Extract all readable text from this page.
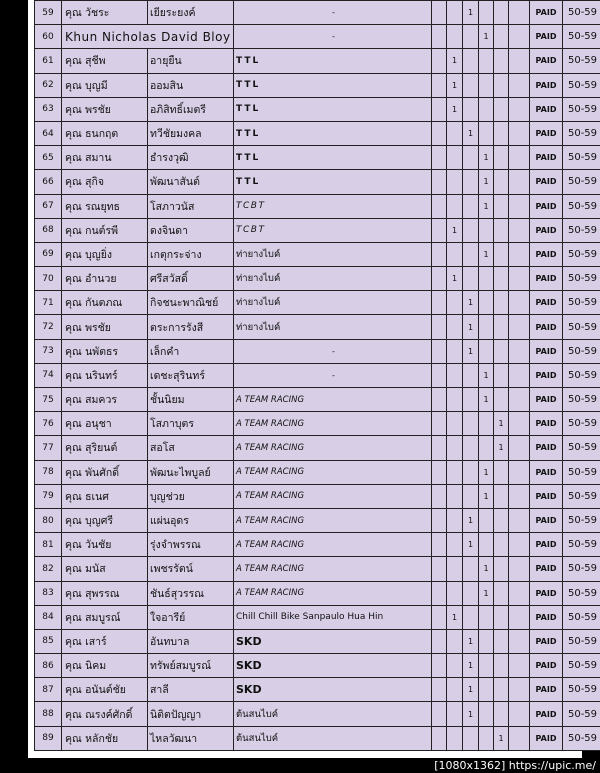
59	คุณ วัชระ	เยียระยงค์	-			1				PAID	50-59
60	Khun Nicholas David Bloy		-				1			PAID	50-59
61	คุณ สุชีพ	อายุยืน	TTL		1					PAID	50-59
62	คุณ บุญมี	ออมสิน	TTL		1					PAID	50-59
63	คุณ พรชัย	อภิสิทธิ์เมตรี	TTL		1					PAID	50-59
64	คุณ ธนกฤต	ทวีชัยมงคล	TTL			1				PAID	50-59
65	คุณ สมาน	ธำรงวุฒิ	TTL				1			PAID	50-59
66	คุณ สุกิจ	พัฒนาสันต์	TTL				1			PAID	50-59
67	คุณ รณยุทธ	โสภาวนัส	TCBT				1			PAID	50-59
68	คุณ กนต์รพี	ดงจินดา	TCBT		1					PAID	50-59
69	คุณ บุญยิ่ง	เกตุกระจ่าง	ท่ายางไบค์				1			PAID	50-59
70	คุณ อำนวย	ศรีสวัสดิ์	ท่ายางไบค์		1					PAID	50-59
71	คุณ กันตภณ	กิจชนะพาณิชย์	ท่ายางไบค์			1				PAID	50-59
72	คุณ พรชัย	ตระการรังสี	ท่ายางไบค์			1				PAID	50-59
73	คุณ นพัตธร	เล็กคำ	-			1				PAID	50-59
74	คุณ นรินทร์	เดชะสุรินทร์	-				1			PAID	50-59
75	คุณ สมควร	ชั้นนิยม	A TEAM RACING				1			PAID	50-59
76	คุณ อนุชา	โสภาบุตร	A TEAM RACING					1		PAID	50-59
77	คุณ สุริยนต์	สอโส	A TEAM RACING					1		PAID	50-59
78	คุณ พันศักดิ์	พัฒนะไพบูลย์	A TEAM RACING				1			PAID	50-59
79	คุณ ธเนศ	บุญช่วย	A TEAM RACING				1			PAID	50-59
80	คุณ บุญศรี	แผ่นอุดร	A TEAM RACING			1				PAID	50-59
81	คุณ วันชัย	รุ่งจำพรรณ	A TEAM RACING			1				PAID	50-59
82	คุณ มนัส	เพชรรัตน์	A TEAM RACING				1			PAID	50-59
83	คุณ สุพรรณ	ชันธ์สุวรรณ	A TEAM RACING				1			PAID	50-59
84	คุณ สมบูรณ์	ใจอารีย์	Chill Chill Bike Sanpaulo Hua Hin		1					PAID	50-59
85	คุณ เสาร์	อันทบาล	SKD			1				PAID	50-59
86	คุณ นิคม	ทรัพย์สมบูรณ์	SKD			1				PAID	50-59
87	คุณ อนันต์ชัย	สาลี	SKD			1				PAID	50-59
88	คุณ ณรงค์ศักดิ์	นิติตปัญญา	ต้นสนไบค์			1				PAID	50-59
89	คุณ หลักชัย	ไหลวัฒนา	ต้นสนไบค์					1		PAID	50-59
[1080x1362] https://upic.me/
